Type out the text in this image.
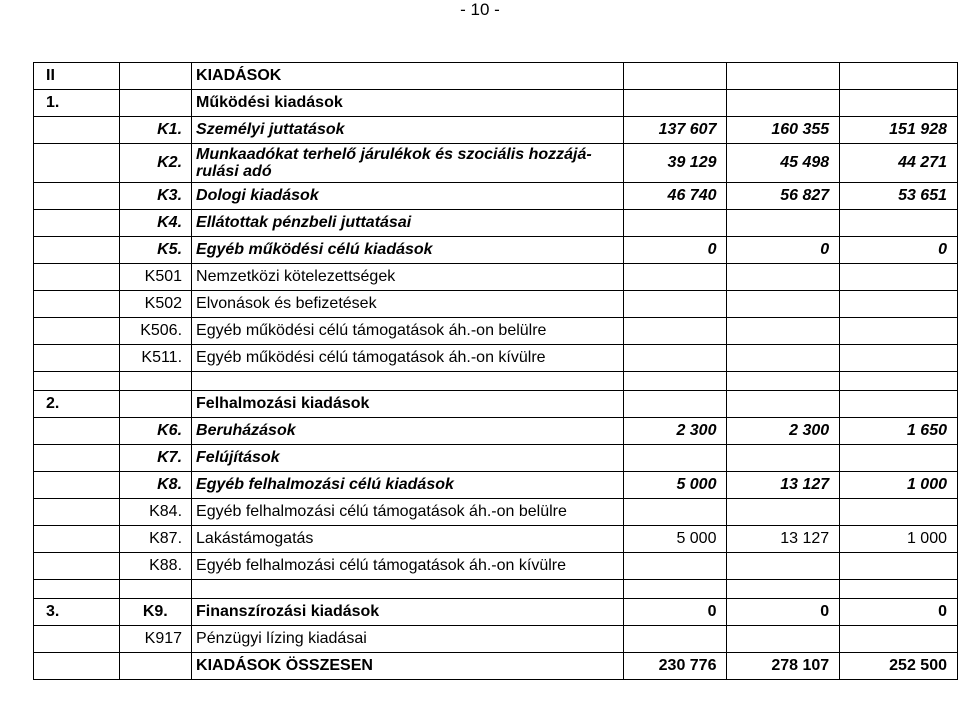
- 10 -
II		KIADÁSOK			
1.		Működési kiadások			
	K1.	Személyi juttatások	137 607	160 355	151 928
	K2.	Munkaadókat terhelő járulékok és szociális hozzájá-rulási adó	39 129	45 498	44 271
	K3.	Dologi kiadások	46 740	56 827	53 651
	K4.	Ellátottak pénzbeli juttatásai			
	K5.	Egyéb működési célú kiadások	0	0	0
	K501	Nemzetközi kötelezettségek			
	K502	Elvonások és befizetések			
	K506.	Egyéb működési célú támogatások áh.-on belülre			
	K511.	Egyéb működési célú támogatások áh.-on kívülre			

2.		Felhalmozási kiadások			
	K6.	Beruházások	2 300	2 300	1 650
	K7.	Felújítások			
	K8.	Egyéb felhalmozási célú kiadások	5 000	13 127	1 000
	K84.	Egyéb felhalmozási célú támogatások áh.-on belülre			
	K87.	Lakástámogatás	5 000	13 127	1 000
	K88.	Egyéb felhalmozási célú támogatások áh.-on kívülre			

3.	K9.	Finanszírozási kiadások	0	0	0
	K917	Pénzügyi lízing kiadásai			
		KIADÁSOK ÖSSZESEN	230 776	278 107	252 500
